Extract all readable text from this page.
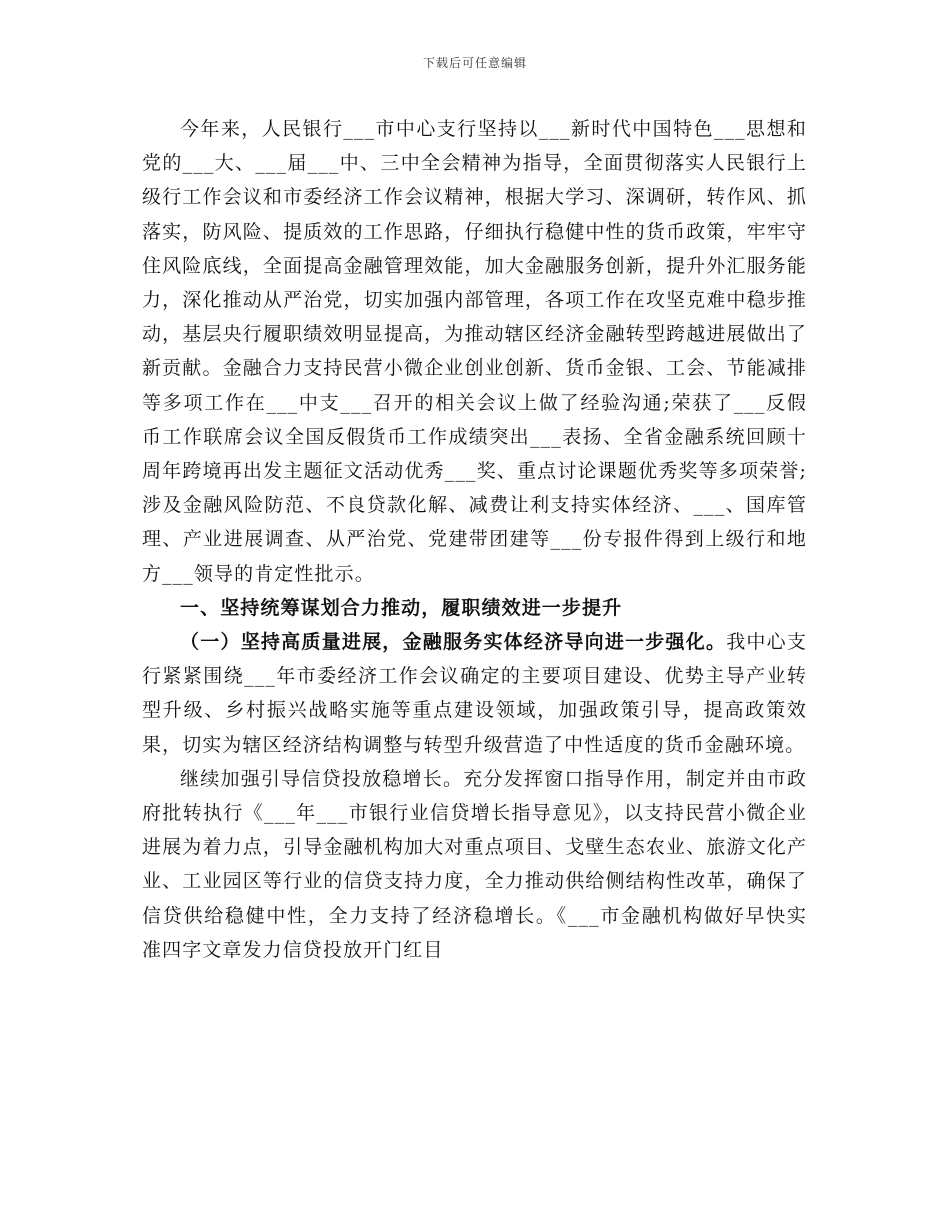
下载后可任意编辑

今年来，人民银行___市中心支行坚持以___新时代中国特色___思想和党的___大、___届___中、三中全会精神为指导，全面贯彻落实人民银行上级行工作会议和市委经济工作会议精神，根据大学习、深调研，转作风、抓落实，防风险、提质效的工作思路，仔细执行稳健中性的货币政策，牢牢守住风险底线，全面提高金融管理效能，加大金融服务创新，提升外汇服务能力，深化推动从严治党，切实加强内部管理，各项工作在攻坚克难中稳步推动，基层央行履职绩效明显提高，为推动辖区经济金融转型跨越进展做出了新贡献。金融合力支持民营小微企业创业创新、货币金银、工会、节能减排等多项工作在___中支___召开的相关会议上做了经验沟通;荣获了___反假币工作联席会议全国反假货币工作成绩突出___表扬、全省金融系统回顾十周年跨境再出发主题征文活动优秀___奖、重点讨论课题优秀奖等多项荣誉;涉及金融风险防范、不良贷款化解、减费让利支持实体经济、___、国库管理、产业进展调查、从严治党、党建带团建等___份专报件得到上级行和地方___领导的肯定性批示。

一、坚持统筹谋划合力推动，履职绩效进一步提升

（一）坚持高质量进展，金融服务实体经济导向进一步强化。我中心支行紧紧围绕___年市委经济工作会议确定的主要项目建设、优势主导产业转型升级、乡村振兴战略实施等重点建设领域，加强政策引导，提高政策效果，切实为辖区经济结构调整与转型升级营造了中性适度的货币金融环境。

继续加强引导信贷投放稳增长。充分发挥窗口指导作用，制定并由市政府批转执行《___年___市银行业信贷增长指导意见》，以支持民营小微企业进展为着力点，引导金融机构加大对重点项目、戈壁生态农业、旅游文化产业、工业园区等行业的信贷支持力度，全力推动供给侧结构性改革，确保了信贷供给稳健中性，全力支持了经济稳增长。《___市金融机构做好早快实准四字文章发力信贷投放开门红目
